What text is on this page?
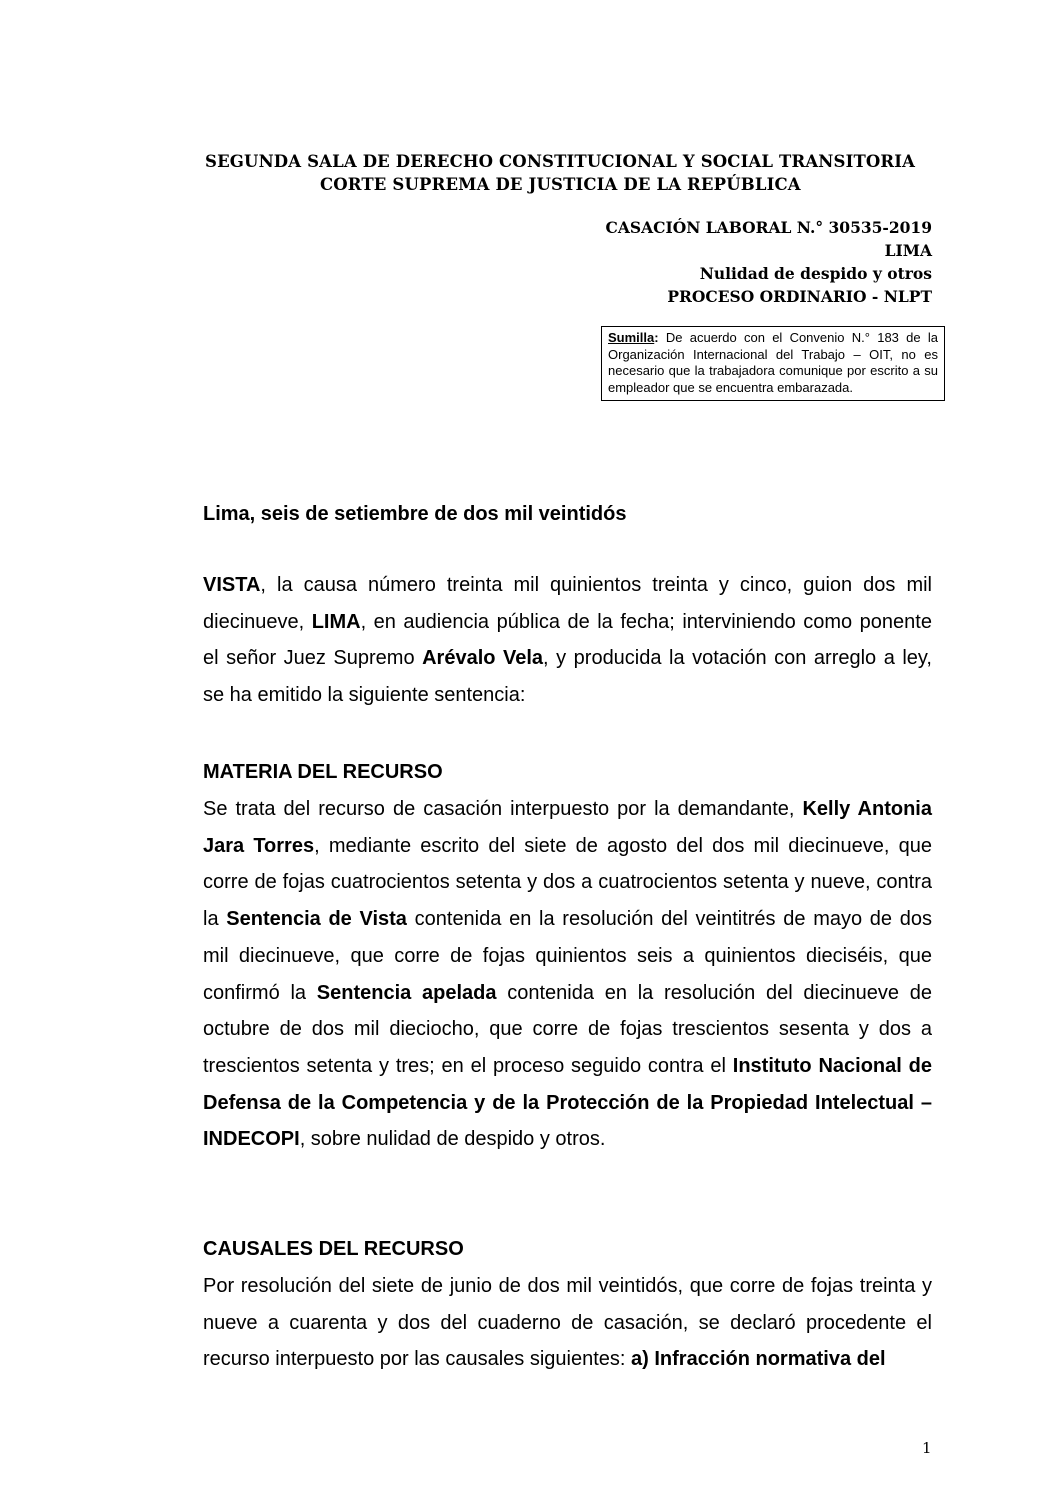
SEGUNDA SALA DE DERECHO CONSTITUCIONAL Y SOCIAL TRANSITORIA
CORTE SUPREMA DE JUSTICIA DE LA REPÚBLICA
CASACIÓN LABORAL N.° 30535-2019
LIMA
Nulidad de despido y otros
PROCESO ORDINARIO - NLPT
Sumilla: De acuerdo con el Convenio N.° 183 de la Organización Internacional del Trabajo – OIT, no es necesario que la trabajadora comunique por escrito a su empleador que se encuentra embarazada.
Lima, seis de setiembre de dos mil veintidós
VISTA, la causa número treinta mil quinientos treinta y cinco, guion dos mil diecinueve, LIMA, en audiencia pública de la fecha; interviniendo como ponente el señor Juez Supremo Arévalo Vela, y producida la votación con arreglo a ley, se ha emitido la siguiente sentencia:
MATERIA DEL RECURSO
Se trata del recurso de casación interpuesto por la demandante, Kelly Antonia Jara Torres, mediante escrito del siete de agosto del dos mil diecinueve, que corre de fojas cuatrocientos setenta y dos a cuatrocientos setenta y nueve, contra la Sentencia de Vista contenida en la resolución del veintitrés de mayo de dos mil diecinueve, que corre de fojas quinientos seis a quinientos dieciséis, que confirmó la Sentencia apelada contenida en la resolución del diecinueve de octubre de dos mil dieciocho, que corre de fojas trescientos sesenta y dos a trescientos setenta y tres; en el proceso seguido contra el Instituto Nacional de Defensa de la Competencia y de la Protección de la Propiedad Intelectual – INDECOPI, sobre nulidad de despido y otros.
CAUSALES DEL RECURSO
Por resolución del siete de junio de dos mil veintidós, que corre de fojas treinta y nueve a cuarenta y dos del cuaderno de casación, se declaró procedente el recurso interpuesto por las causales siguientes: a) Infracción normativa del
1
